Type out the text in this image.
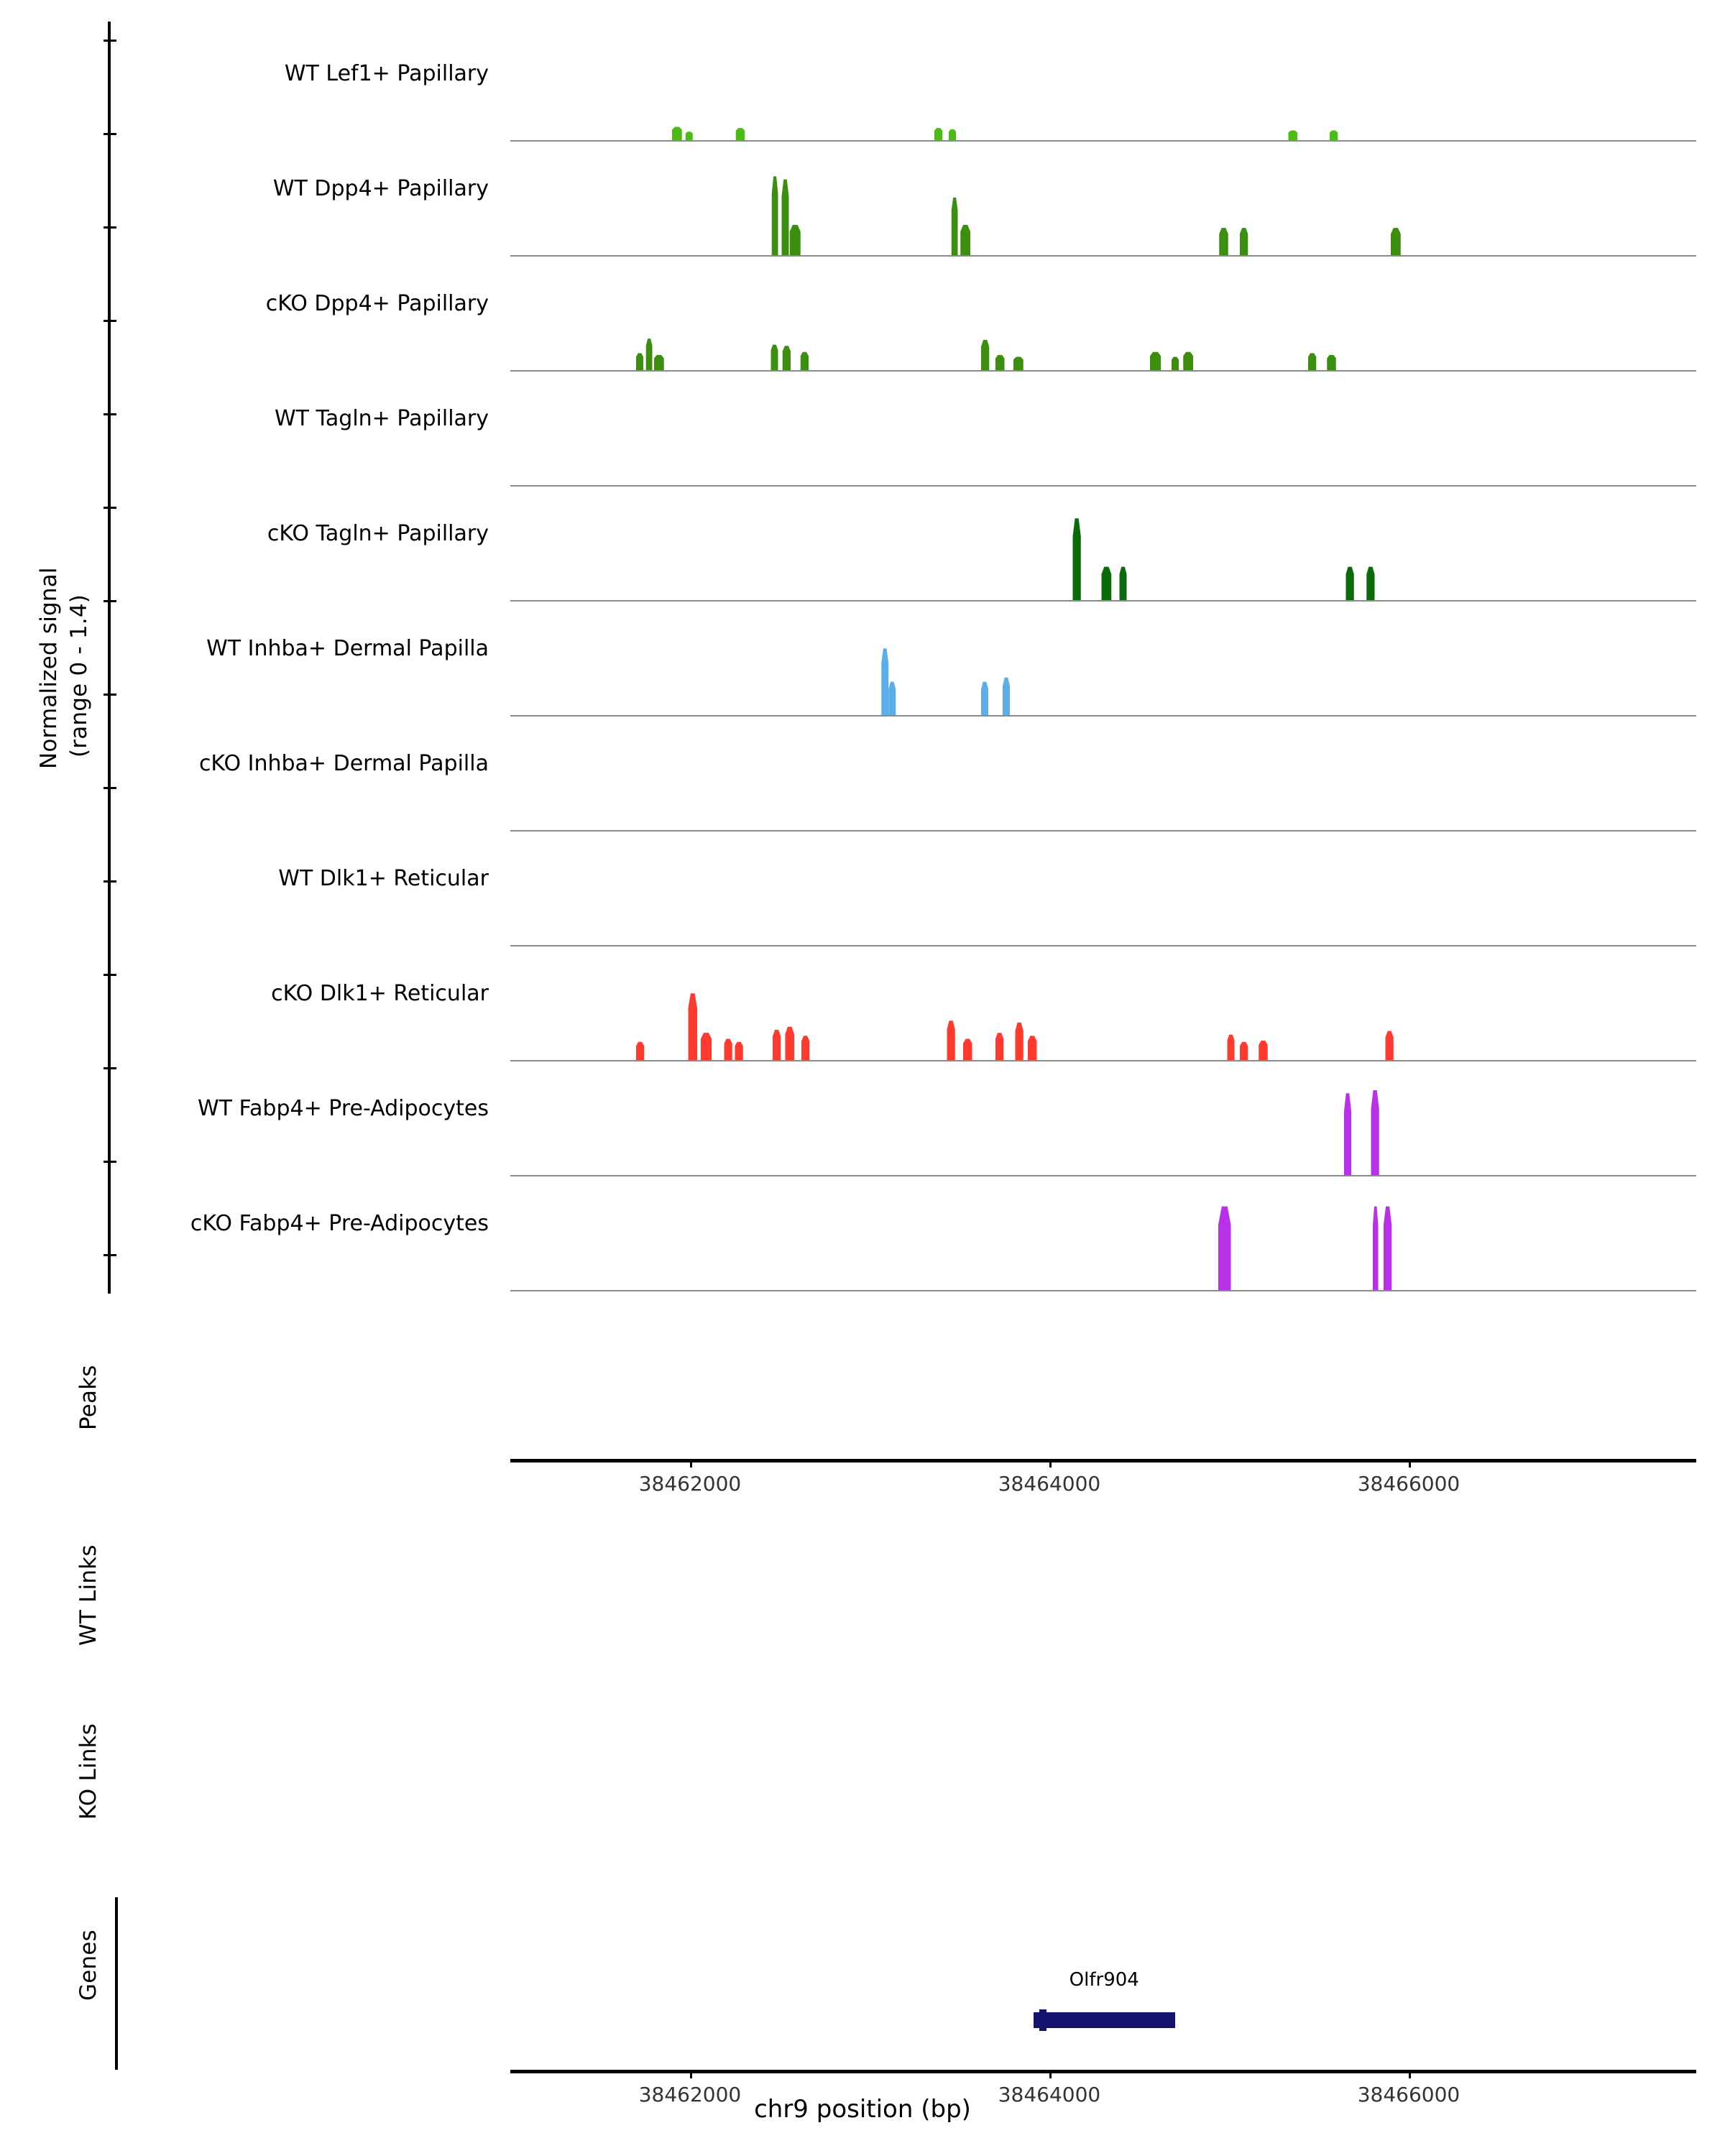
Normalized signal (range 0 - 1.4)
Peaks
WT Links
KO Links
Genes
WT Lef1+ Papillary
WT Dpp4+ Papillary
cKO Dpp4+ Papillary
WT Tagln+ Papillary
cKO Tagln+ Papillary
WT Inhba+ Dermal Papilla
cKO Inhba+ Dermal Papilla
WT Dlk1+ Reticular
cKO Dlk1+ Reticular
WT Fabp4+ Pre-Adipocytes
cKO Fabp4+ Pre-Adipocytes
38462000	38464000	38466000
Olfr904
38462000	38464000	38466000
chr9 position (bp)
